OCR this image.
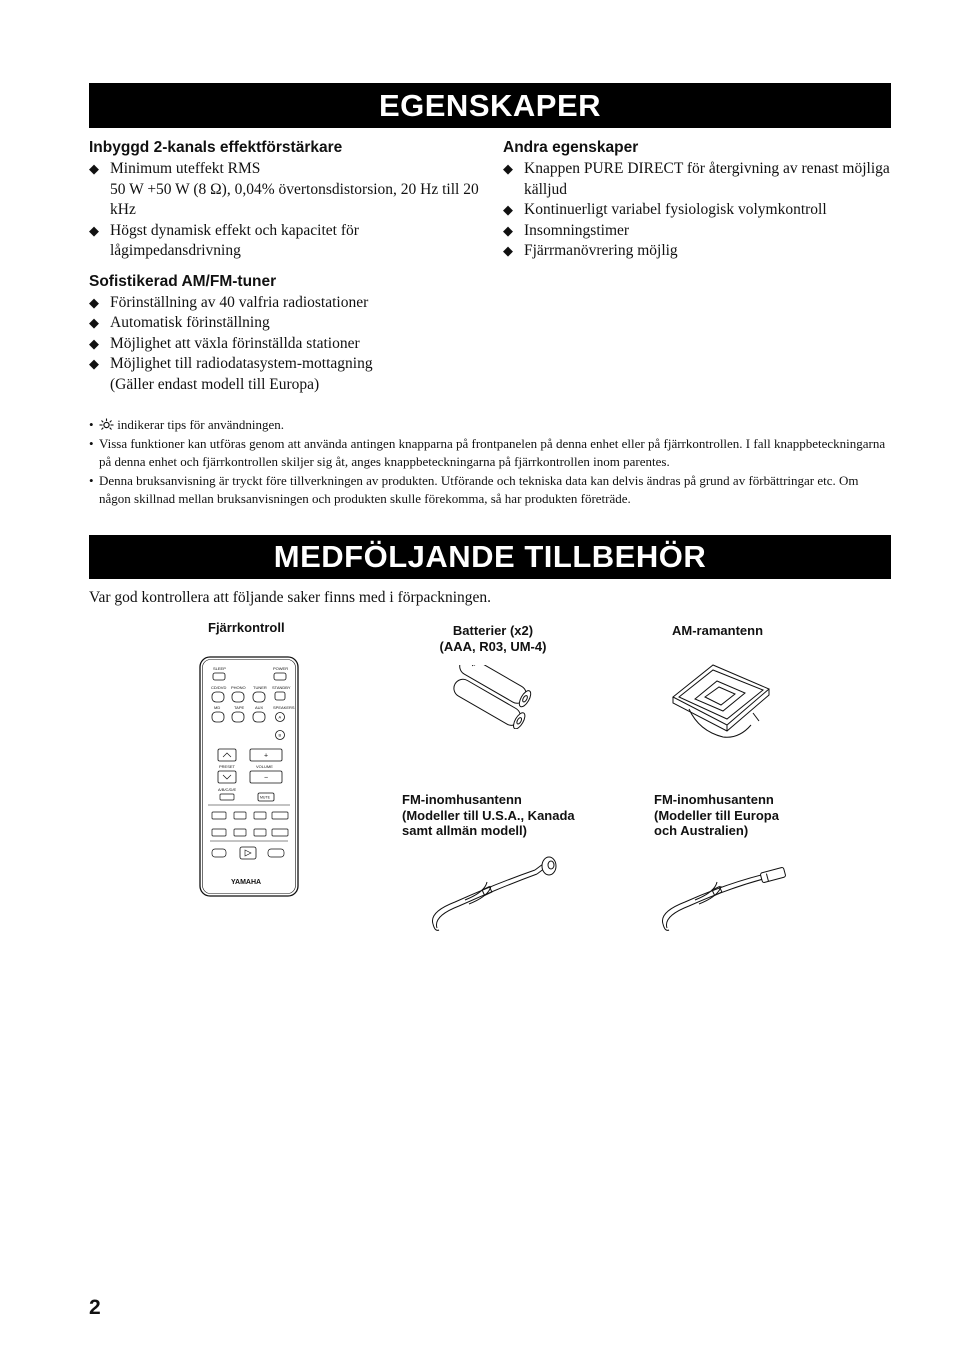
EGENSKAPER
Inbyggd 2-kanals effektförstärkare
◆ Minimum uteffekt RMS
50 W +50 W (8 Ω), 0,04% övertonsdistorsion, 20 Hz till 20 kHz
◆ Högst dynamisk effekt och kapacitet för lågimpedansdrivning
Sofistikerad AM/FM-tuner
◆ Förinställning av 40 valfria radiostationer
◆ Automatisk förinställning
◆ Möjlighet att växla förinställda stationer
◆ Möjlighet till radiodatasystem-mottagning
(Gäller endast modell till Europa)
Andra egenskaper
◆ Knappen PURE DIRECT för återgivning av renast möjliga källjud
◆ Kontinuerligt variabel fysiologisk volymkontroll
◆ Insomningstimer
◆ Fjärrmanövrering möjlig
• indikerar tips för användningen.
• Vissa funktioner kan utföras genom att använda antingen knapparna på frontpanelen på denna enhet eller på fjärrkontrollen. I fall knappbeteckningarna på denna enhet och fjärrkontrollen skiljer sig åt, anges knappbeteckningarna på fjärrkontrollen inom parentes.
• Denna bruksanvisning är tryckt före tillverkningen av produkten. Utförande och tekniska data kan delvis ändras på grund av förbättringar etc. Om någon skillnad mellan bruksanvisningen och produkten skulle förekomma, så har produkten företräde.
MEDFÖLJANDE TILLBEHÖR
Var god kontrollera att följande saker finns med i förpackningen.
Fjärrkontroll	Batterier (x2)
(AAA, R03, UM-4)
AM-ramantenn
FM-inomhusantenn
(Modeller till U.S.A., Kanada
samt allmän modell)
FM-inomhusantenn
(Modeller till Europa
och Australien)
SLEEP	POWER
CD/DVD PHONO TUNER STANDBY
MD	TAPE	AUX SPEAKERS
A
B
+
PRESET	VOLUME
−
A/B/C/D/E
MUTE
YAMAHA
2
